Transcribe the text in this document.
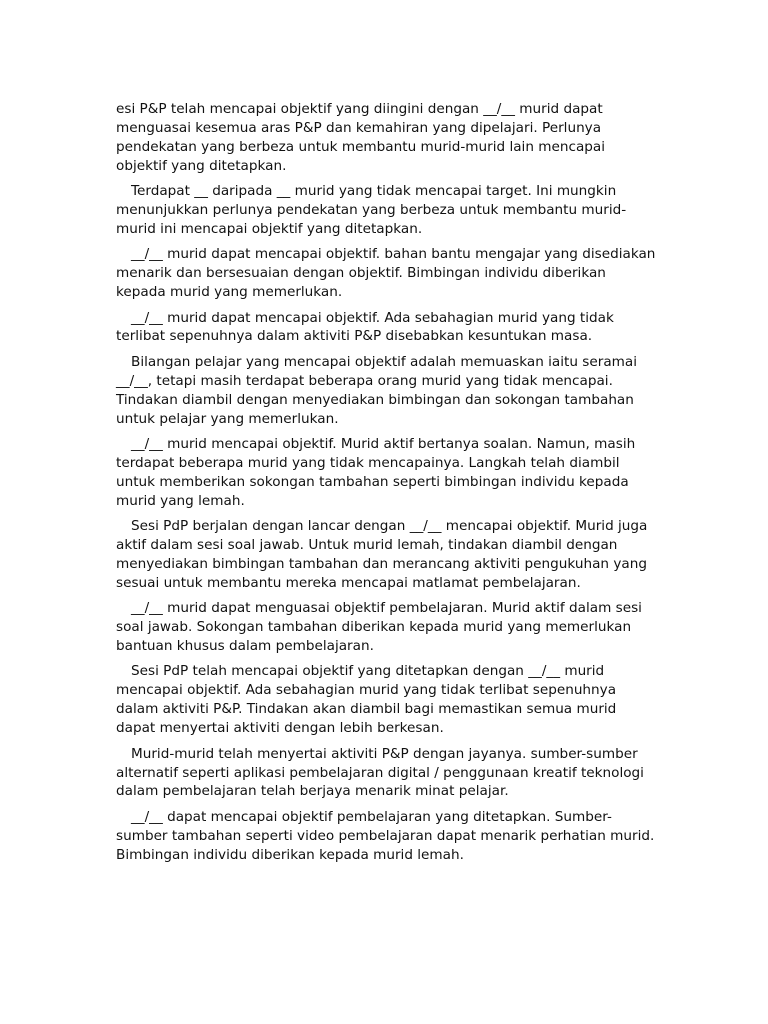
esi P&P telah mencapai objektif yang diingini dengan __/__ murid dapat menguasai kesemua aras P&P dan kemahiran yang dipelajari. Perlunya pendekatan yang berbeza untuk membantu murid-murid lain mencapai objektif yang ditetapkan.

Terdapat __ daripada __ murid yang tidak mencapai target. Ini mungkin menunjukkan perlunya pendekatan yang berbeza untuk membantu murid-murid ini mencapai objektif yang ditetapkan.

__/__ murid dapat mencapai objektif. bahan bantu mengajar yang disediakan menarik dan bersesuaian dengan objektif. Bimbingan individu diberikan kepada murid yang memerlukan.

__/__ murid dapat mencapai objektif. Ada sebahagian murid yang tidak terlibat sepenuhnya dalam aktiviti P&P disebabkan kesuntukan masa.

Bilangan pelajar yang mencapai objektif adalah memuaskan iaitu seramai __/__, tetapi masih terdapat beberapa orang murid yang tidak mencapai. Tindakan diambil dengan menyediakan bimbingan dan sokongan tambahan untuk pelajar yang memerlukan.

__/__ murid mencapai objektif. Murid aktif bertanya soalan. Namun, masih terdapat beberapa murid yang tidak mencapainya. Langkah telah diambil untuk memberikan sokongan tambahan seperti bimbingan individu kepada murid yang lemah.

Sesi PdP berjalan dengan lancar dengan __/__ mencapai objektif. Murid juga aktif dalam sesi soal jawab. Untuk murid lemah, tindakan diambil dengan menyediakan bimbingan tambahan dan merancang aktiviti pengukuhan yang sesuai untuk membantu mereka mencapai matlamat pembelajaran.

__/__ murid dapat menguasai objektif pembelajaran. Murid aktif dalam sesi soal jawab. Sokongan tambahan diberikan kepada murid yang memerlukan bantuan khusus dalam pembelajaran.

Sesi PdP telah mencapai objektif yang ditetapkan dengan __/__ murid mencapai objektif. Ada sebahagian murid yang tidak terlibat sepenuhnya dalam aktiviti P&P. Tindakan akan diambil bagi memastikan semua murid dapat menyertai aktiviti dengan lebih berkesan.

Murid-murid telah menyertai aktiviti P&P dengan jayanya. sumber-sumber alternatif seperti aplikasi pembelajaran digital / penggunaan kreatif teknologi dalam pembelajaran telah berjaya menarik minat pelajar.

__/__ dapat mencapai objektif pembelajaran yang ditetapkan. Sumber-sumber tambahan seperti video pembelajaran dapat menarik perhatian murid. Bimbingan individu diberikan kepada murid lemah.
